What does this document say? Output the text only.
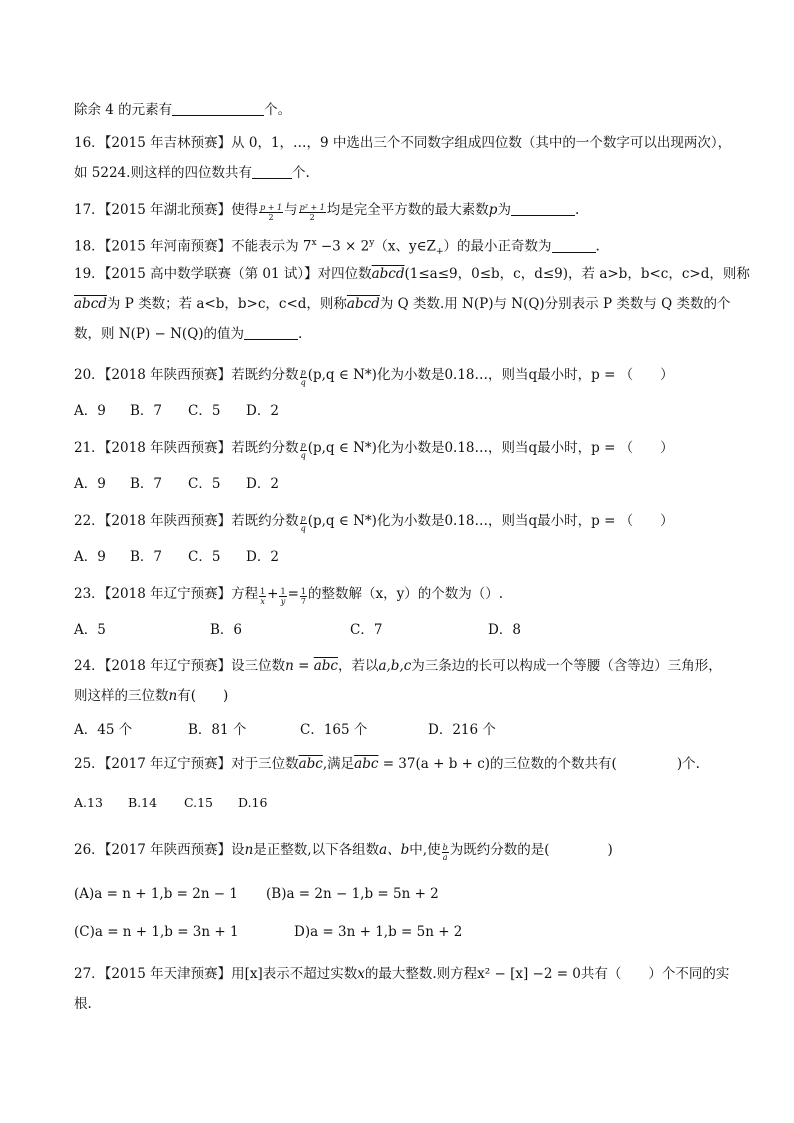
除余 4 的元素有	个。
16．【2015 年吉林预赛】从 0，1，…，9 中选出三个不同数字组成四位数（其中的一个数字可以出现两次），
如 5224.则这样的四位数共有	个.
17．【2015 年湖北预赛】使得 $\frac{p + 1}{2}$ 与 $\frac{\text{p² + 1}}{2}$ 均是完全平方数的最大素数p为	.
18．【2015 年河南预赛】不能表示为 $7^x -3 \times 2^y(x$、$y\in Z_+$）的最小正奇数为	.
19．【2015 高中数学联赛（第 01 试）】对四位数abcd(1≤a≤9，0≤b，c，d≤9)，若 a>b，b<c，c>d，则称
abcd为 P 类数；若 a<b，b>c，c<d，则称abcd为 Q 类数.用 N(P)与 N(Q)分别表示 P 类数与 Q 类数的个
数，则 N(P) − N(Q)的值为	.
20．【2018 年陕西预赛】若既约分数 $\frac{p}{q} (p,q$ ∈ N*)化为小数是0.18…，则当q最小时，p = （　　）
A．9 B．7 C．5 D．2
21．【2018 年陕西预赛】若既约分数 $\frac{p}{q} (p,q$ ∈ N*)化为小数是0.18…，则当q最小时，p = （　　）
A．9 B．7 C．5 D．2
22．【2018 年陕西预赛】若既约分数 $\frac{p}{q} (p,q$ ∈ N*)化为小数是0.18…，则当q最小时，p = （　　）
A．9 B．7 C．5 D．2
23．【2018 年辽宁预赛】方程 $\frac{1}{x} + \frac{1}{y} = \frac{1}{7}$ 的整数解（x，y）的个数为（）.
A．5	B．6	C．7	D．8
24．【2018 年辽宁预赛】设三位数$n = \overline{abc}$，若以a,b,c为三条边的长可以构成一个等腰（含等边）三角形，
则这样的三位数n有(　　)
A．45 个	B．81 个	C．165 个	D．216 个
25．【2017 年辽宁预赛】对于三位数$\overline{abc}$,满足$\overline{abc} = 37(a + b + c)$的三位数的个数共有(	)个.
A.13 B.14 C.15 D.16
26．【2017 年陕西预赛】设n是正整数,以下各组数a、b中,使 $\frac{b}{a}$ 为既约分数的是(	)
(A)a = n + 1,b = 2n − 1 (B)a = 2n − 1,b = 5n + 2
(C)a = n + 1,b = 3n + 1	D)a = 3n + 1,b = 5n + 2
27．【2015 年天津预赛】用[x]表示不超过实数x的最大整数.则方程x² − [x] −2 = 0共有（　　）个不同的实
根.
